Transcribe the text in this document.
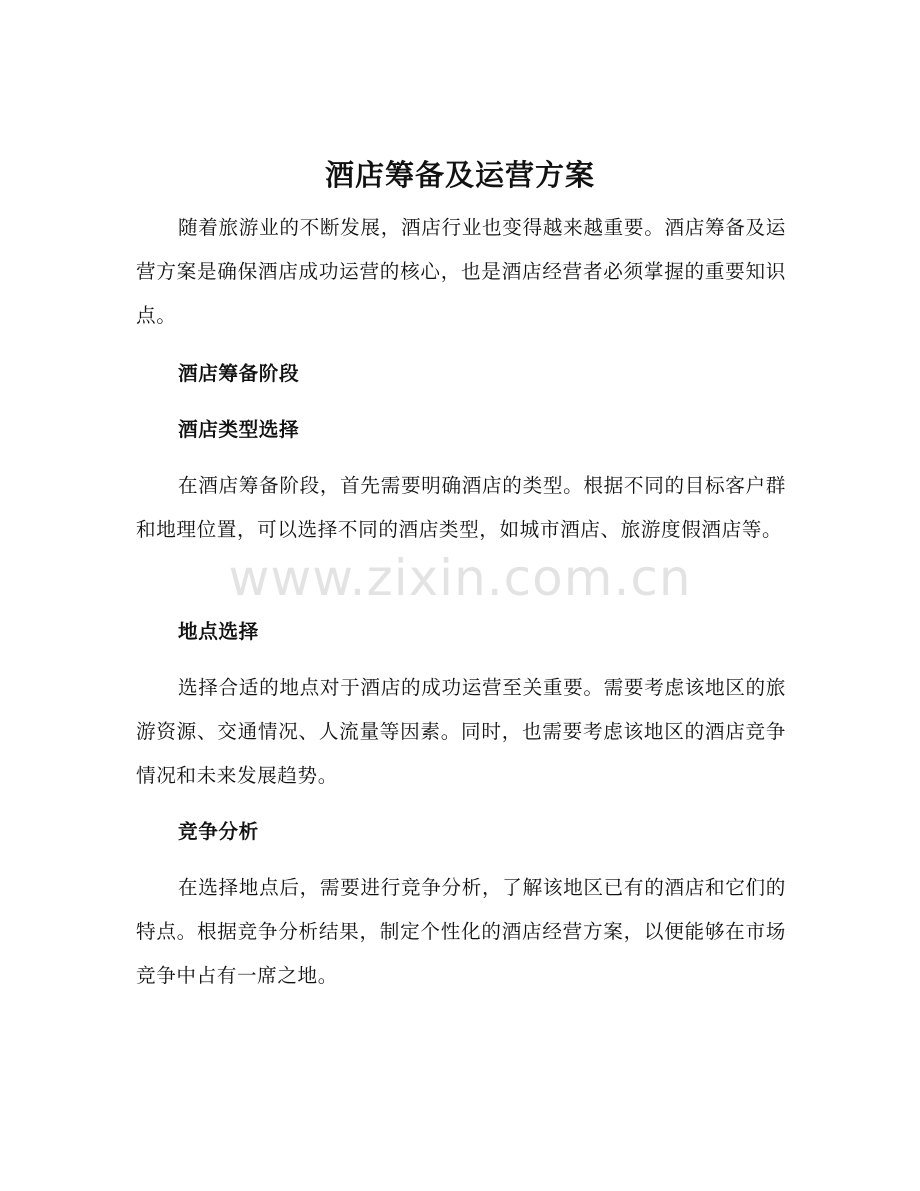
酒店筹备及运营方案
随着旅游业的不断发展，酒店行业也变得越来越重要。酒店筹备及运营方案是确保酒店成功运营的核心，也是酒店经营者必须掌握的重要知识点。
酒店筹备阶段
酒店类型选择
在酒店筹备阶段，首先需要明确酒店的类型。根据不同的目标客户群和地理位置，可以选择不同的酒店类型，如城市酒店、旅游度假酒店等。
地点选择
选择合适的地点对于酒店的成功运营至关重要。需要考虑该地区的旅游资源、交通情况、人流量等因素。同时，也需要考虑该地区的酒店竞争情况和未来发展趋势。
竞争分析
在选择地点后，需要进行竞争分析，了解该地区已有的酒店和它们的特点。根据竞争分析结果，制定个性化的酒店经营方案，以便能够在市场竞争中占有一席之地。
www.zixin.com.cn
